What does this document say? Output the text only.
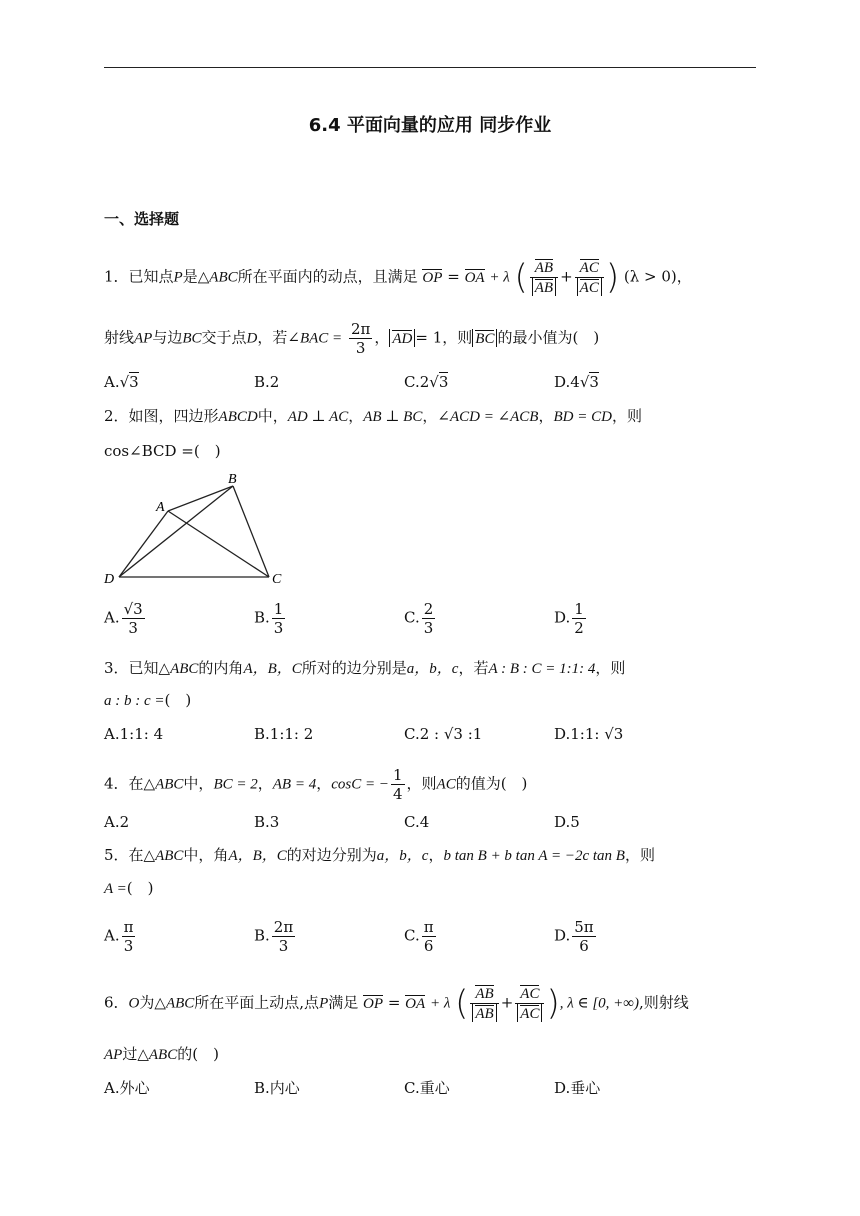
6.4 平面向量的应用 同步作业
一、选择题
1．已知点P是△ABC所在平面内的动点，且满足 OP = OA + λ ( $\frac{AB}{AB} + \frac{AC}{AC}$ ) (λ > 0)，
射线AP与边BC交于点D，若∠BAC = $\frac{2\pi}{3}$ ， AD = 1，则 BC 的最小值为(　)
A.√3	B.2	C.2√3	D.4√3
2．如图，四边形ABCD中，AD ⊥ AC，AB ⊥ BC，∠ACD = ∠ACB，BD = CD，则
cos∠BCD =(　)
A
B
C
D
A. $\frac{√3}{3}$	B. $\frac{1}{3}$	C. $\frac{2}{3}$	D. $\frac{1}{2}$
3．已知△ABC的内角A，B，C所对的边分别是a，b，c，若A : B : C = 1:1: 4，则
a : b : c =(　)
A.1:1: 4	B.1:1: 2	C.2 : √3 :1	D.1:1: √3
4．在△ABC中，BC = 2，AB = 4，cosC = − $\frac{1}{4}$ ，则AC的值为(　)
A.2	B.3	C.4	D.5
5．在△ABC中，角A，B，C的对边分别为a，b，c，b tan B + b tan A = −2c tan B，则
A =(　)
A. $\frac{\pi}{3}$	B. $\frac{2\pi}{3}$	C. $\frac{\pi}{6}$	D. $\frac{5\pi}{6}$
6．O为△ABC所在平面上动点,点P满足 OP = OA + λ ( $\frac{AB}{AB} + \frac{AC}{AC}$ ), λ ∈ [0, +∞),则射线
AP过△ABC的(　)
A.外心	B.内心	C.重心	D.垂心
